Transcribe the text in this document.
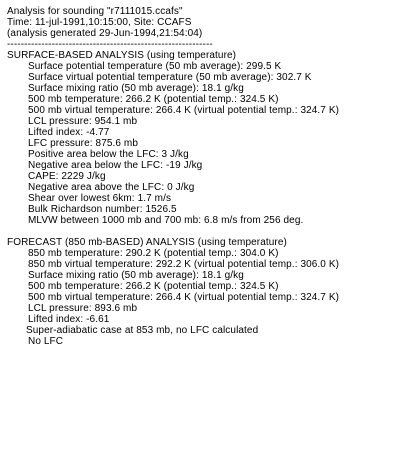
Analysis for sounding "r7111015.ccafs"
Time: 11-jul-1991,10:15:00, Site: CCAFS
(analysis generated 29-Jun-1994,21:54:04)
------------------------------------------------------------
SURFACE-BASED ANALYSIS (using temperature)
Surface potential temperature (50 mb average): 299.5 K
Surface virtual potential temperature (50 mb average): 302.7 K
Surface mixing ratio (50 mb average): 18.1 g/kg
500 mb temperature: 266.2 K (potential temp.: 324.5 K)
500 mb virtual temperature: 266.4 K (virtual potential temp.: 324.7 K)
LCL pressure: 954.1 mb
Lifted index: -4.77
LFC pressure: 875.6 mb
Positive area below the LFC: 3 J/kg
Negative area below the LFC: -19 J/kg
CAPE: 2229 J/kg
Negative area above the LFC: 0 J/kg
Shear over lowest 6km: 1.7 m/s
Bulk Richardson number: 1526.5
MLVW between 1000 mb and 700 mb: 6.8 m/s from 256 deg.
FORECAST (850 mb-BASED) ANALYSIS (using temperature)
850 mb temperature: 290.2 K (potential temp.: 304.0 K)
850 mb virtual temperature: 292.2 K (virtual potential temp.: 306.0 K)
Surface mixing ratio (50 mb average): 18.1 g/kg
500 mb temperature: 266.2 K (potential temp.: 324.5 K)
500 mb virtual temperature: 266.4 K (virtual potential temp.: 324.7 K)
LCL pressure: 893.6 mb
Lifted index: -6.61
Super-adiabatic case at 853 mb, no LFC calculated
No LFC
